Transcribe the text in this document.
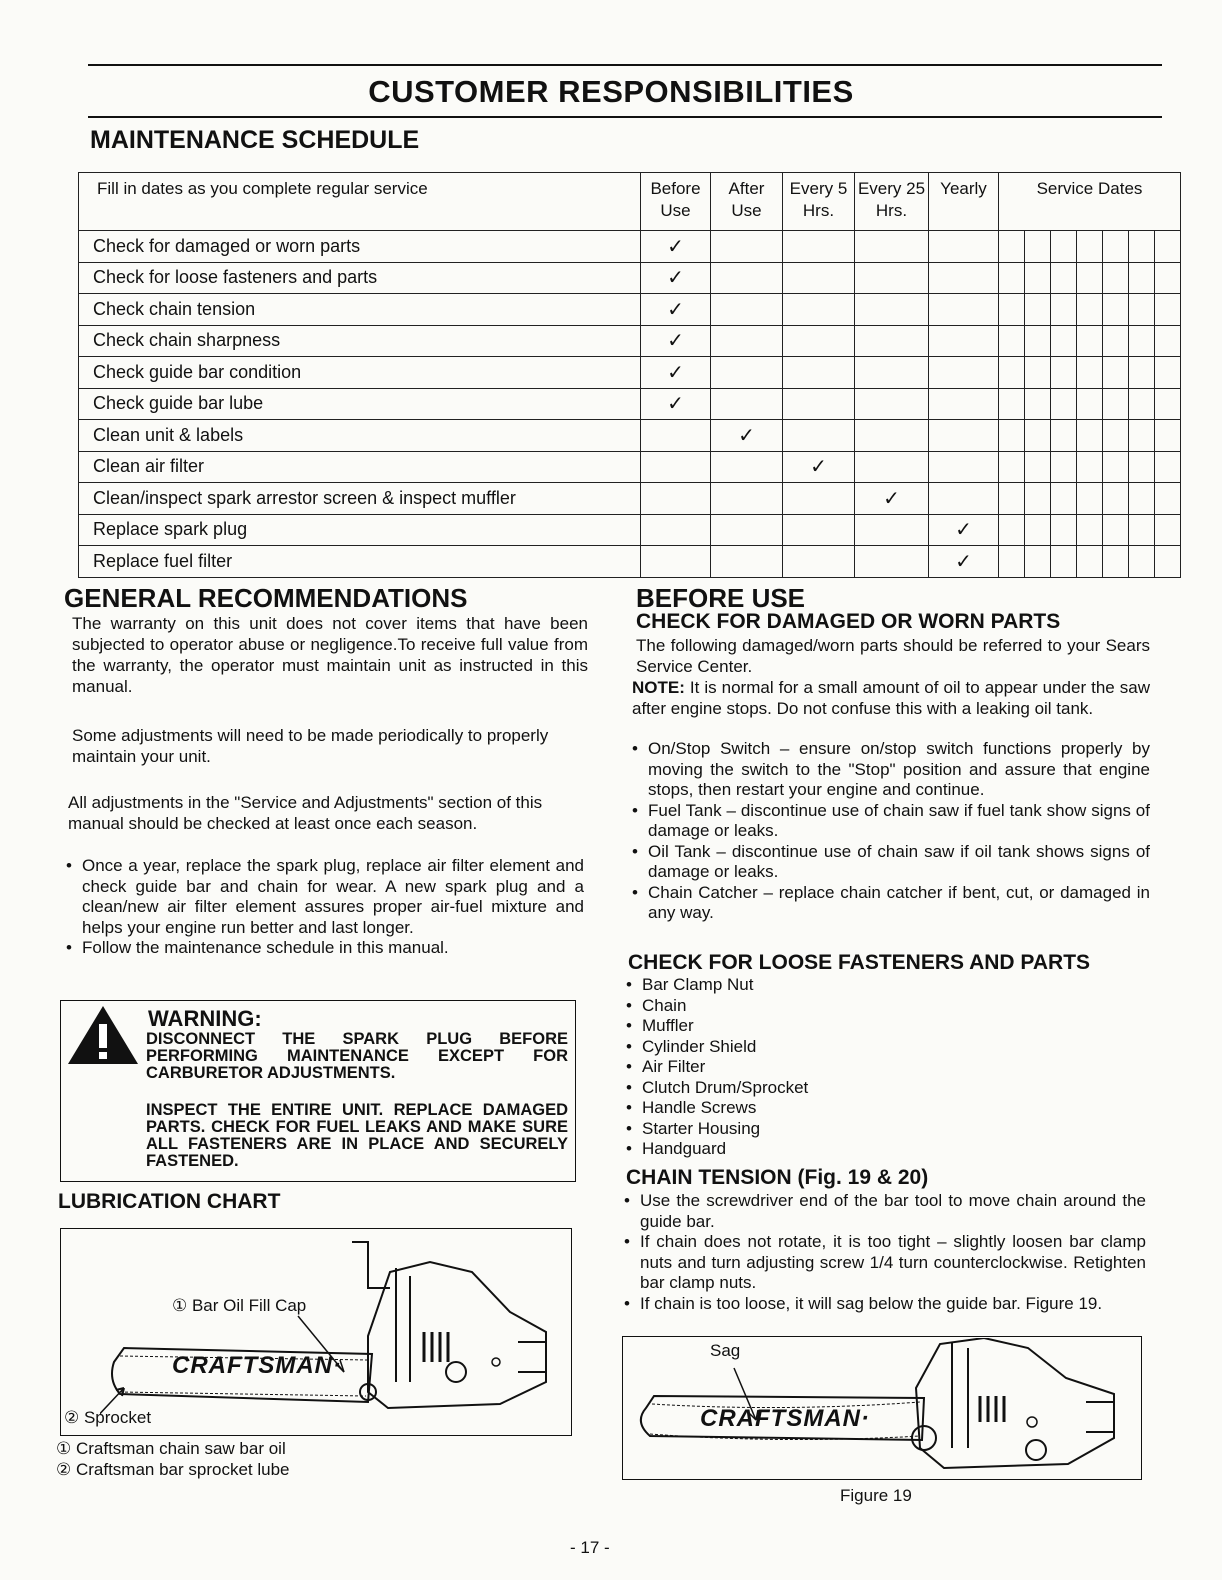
CUSTOMER RESPONSIBILITIES
MAINTENANCE SCHEDULE
Fill in dates as you complete regular service	Before Use	After Use	Every 5 Hrs.	Every 25 Hrs.	Yearly	Service Dates						
Check for damaged or worn parts	✓											
Check for loose fasteners and parts	✓											
Check chain tension	✓											
Check chain sharpness	✓											
Check guide bar condition	✓											
Check guide bar lube	✓											
Clean unit & labels		✓										
Clean air filter			✓									
Clean/inspect spark arrestor screen & inspect muffler				✓								
Replace spark plug					✓							
Replace fuel filter					✓							
GENERAL RECOMMENDATIONS
The warranty on this unit does not cover items that have been subjected to operator abuse or negligence.To receive full value from the warranty, the operator must maintain unit as instructed in this manual.
Some adjustments will need to be made periodically to properly maintain your unit.
All adjustments in the "Service and Adjustments" section of this manual should be checked at least once each season.
• Once a year, replace the spark plug, replace air filter element and check guide bar and chain for wear. A new spark plug and a clean/new air filter element assures proper air-fuel mixture and helps your engine run better and last longer.
• Follow the maintenance schedule in this manual.
WARNING:
DISCONNECT THE SPARK PLUG BEFORE PERFORMING MAINTENANCE EXCEPT FOR CARBURETOR ADJUSTMENTS.
INSPECT THE ENTIRE UNIT. REPLACE DAMAGED PARTS. CHECK FOR FUEL LEAKS AND MAKE SURE ALL FASTENERS ARE IN PLACE AND SECURELY FASTENED.
LUBRICATION CHART
CRAFTSMAN·
① Bar Oil Fill Cap
② Sprocket
① Craftsman chain saw bar oil
② Craftsman bar sprocket lube
BEFORE USE
CHECK FOR DAMAGED OR WORN PARTS
The following damaged/worn parts should be referred to your Sears Service Center.
NOTE: It is normal for a small amount of oil to appear under the saw after engine stops. Do not confuse this with a leaking oil tank.
• On/Stop Switch – ensure on/stop switch functions properly by moving the switch to the "Stop" position and assure that engine stops, then restart your engine and continue.
• Fuel Tank – discontinue use of chain saw if fuel tank show signs of damage or leaks.
• Oil Tank – discontinue use of chain saw if oil tank shows signs of damage or leaks.
• Chain Catcher – replace chain catcher if bent, cut, or damaged in any way.
CHECK FOR LOOSE FASTENERS AND PARTS
• Bar Clamp Nut
• Chain
• Muffler
• Cylinder Shield
• Air Filter
• Clutch Drum/Sprocket
• Handle Screws
• Starter Housing
• Handguard
CHAIN TENSION (Fig. 19 & 20)
• Use the screwdriver end of the bar tool to move chain around the guide bar.
• If chain does not rotate, it is too tight – slightly loosen bar clamp nuts and turn adjusting screw 1/4 turn counterclockwise. Retighten bar clamp nuts.
• If chain is too loose, it will sag below the guide bar. Figure 19.
CRAFTSMAN·
Sag
Figure 19
- 17 -
